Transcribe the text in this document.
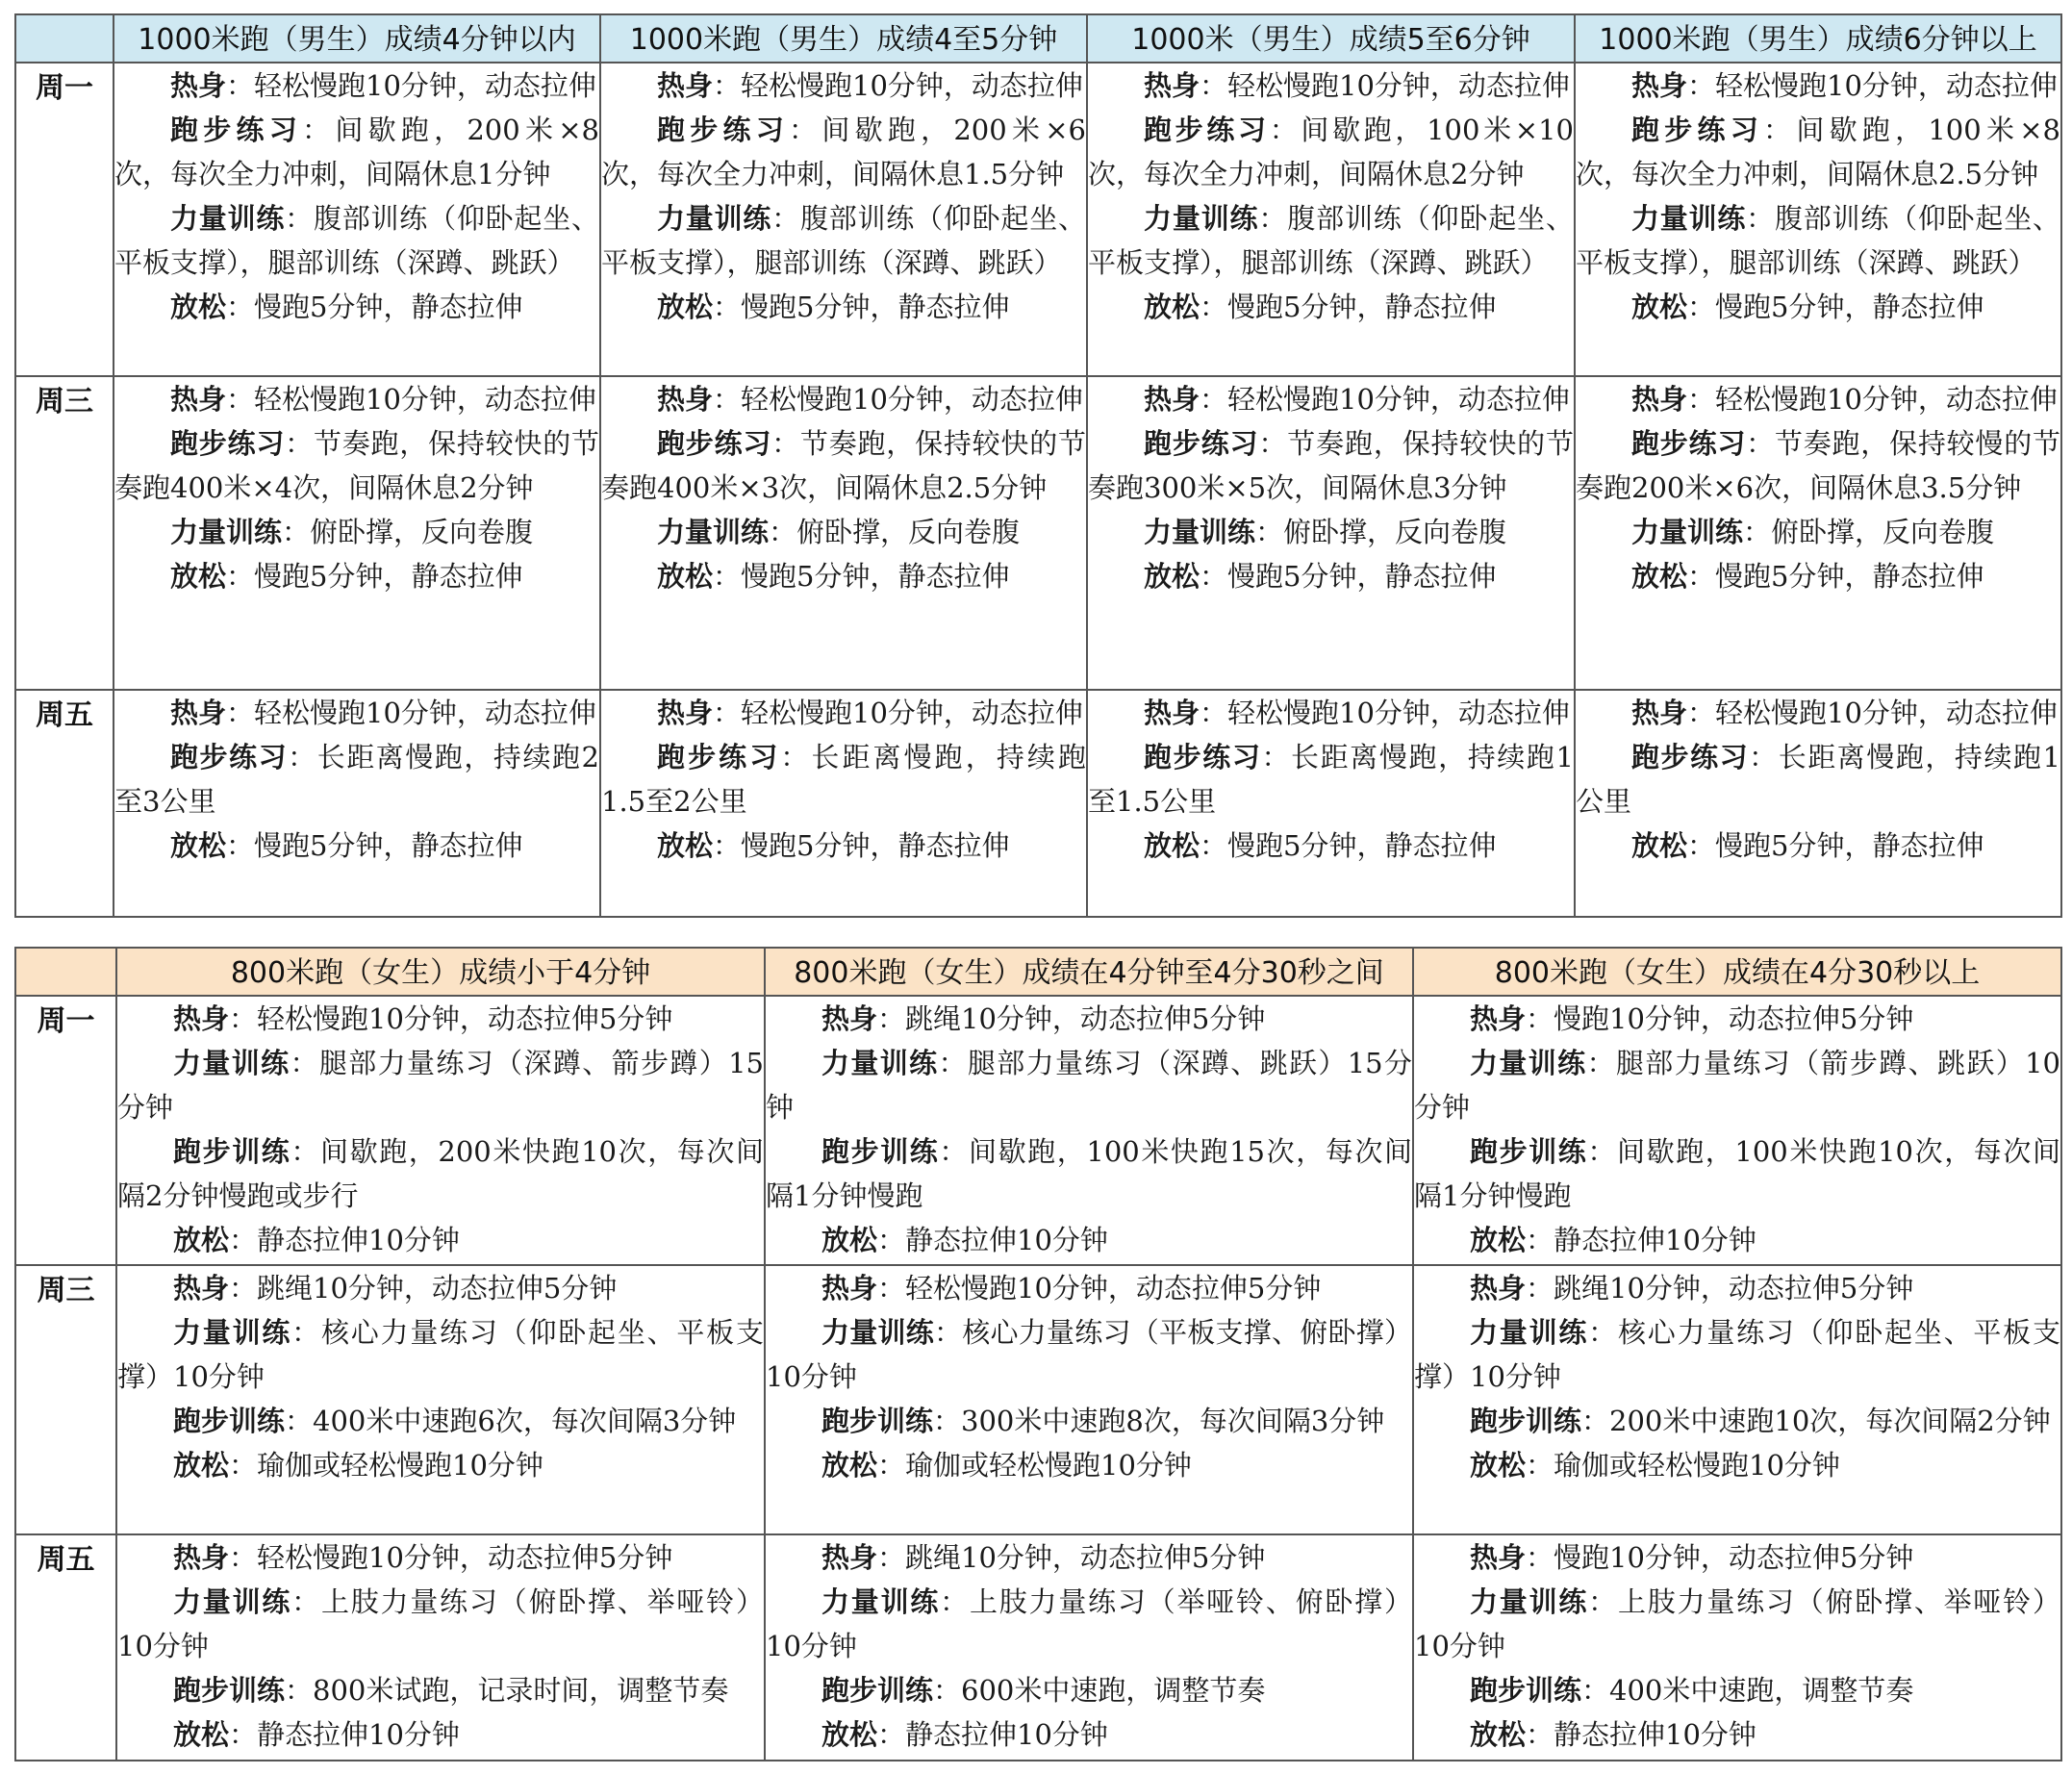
	1000米跑（男生）成绩4分钟以内	1000米跑（男生）成绩4至5分钟	1000米（男生）成绩5至6分钟	1000米跑（男生）成绩6分钟以上
周一	热身：轻松慢跑10分钟，动态拉伸
跑步练习：间歇跑，200米×8次，每次全力冲刺，间隔休息1分钟
力量训练：腹部训练（仰卧起坐、平板支撑），腿部训练（深蹲、跳跃）
放松：慢跑5分钟，静态拉伸	热身：轻松慢跑10分钟，动态拉伸
跑步练习：间歇跑，200米×6次，每次全力冲刺，间隔休息1.5分钟
力量训练：腹部训练（仰卧起坐、平板支撑），腿部训练（深蹲、跳跃）
放松：慢跑5分钟，静态拉伸	热身：轻松慢跑10分钟，动态拉伸
跑步练习：间歇跑，100米×10次，每次全力冲刺，间隔休息2分钟
力量训练：腹部训练（仰卧起坐、平板支撑），腿部训练（深蹲、跳跃）
放松：慢跑5分钟，静态拉伸	热身：轻松慢跑10分钟，动态拉伸
跑步练习：间歇跑，100米×8次，每次全力冲刺，间隔休息2.5分钟
力量训练：腹部训练（仰卧起坐、平板支撑），腿部训练（深蹲、跳跃）
放松：慢跑5分钟，静态拉伸

周三	热身：轻松慢跑10分钟，动态拉伸
跑步练习：节奏跑，保持较快的节奏跑400米×4次，间隔休息2分钟
力量训练：俯卧撑，反向卷腹
放松：慢跑5分钟，静态拉伸	热身：轻松慢跑10分钟，动态拉伸
跑步练习：节奏跑，保持较快的节奏跑400米×3次，间隔休息2.5分钟
力量训练：俯卧撑，反向卷腹
放松：慢跑5分钟，静态拉伸	热身：轻松慢跑10分钟，动态拉伸
跑步练习：节奏跑，保持较快的节奏跑300米×5次，间隔休息3分钟
力量训练：俯卧撑，反向卷腹
放松：慢跑5分钟，静态拉伸	热身：轻松慢跑10分钟，动态拉伸
跑步练习：节奏跑，保持较慢的节奏跑200米×6次，间隔休息3.5分钟
力量训练：俯卧撑，反向卷腹
放松：慢跑5分钟，静态拉伸

周五	热身：轻松慢跑10分钟，动态拉伸
跑步练习：长距离慢跑，持续跑2至3公里
放松：慢跑5分钟，静态拉伸	热身：轻松慢跑10分钟，动态拉伸
跑步练习：长距离慢跑，持续跑1.5至2公里
放松：慢跑5分钟，静态拉伸	热身：轻松慢跑10分钟，动态拉伸
跑步练习：长距离慢跑，持续跑1至1.5公里
放松：慢跑5分钟，静态拉伸	热身：轻松慢跑10分钟，动态拉伸
跑步练习：长距离慢跑，持续跑1公里
放松：慢跑5分钟，静态拉伸
	800米跑（女生）成绩小于4分钟	800米跑（女生）成绩在4分钟至4分30秒之间	800米跑（女生）成绩在4分30秒以上
周一	热身：轻松慢跑10分钟，动态拉伸5分钟
力量训练：腿部力量练习（深蹲、箭步蹲）15分钟
跑步训练：间歇跑，200米快跑10次，每次间隔2分钟慢跑或步行
放松：静态拉伸10分钟	热身：跳绳10分钟，动态拉伸5分钟
力量训练：腿部力量练习（深蹲、跳跃）15分钟
跑步训练：间歇跑，100米快跑15次，每次间隔1分钟慢跑
放松：静态拉伸10分钟	热身：慢跑10分钟，动态拉伸5分钟
力量训练：腿部力量练习（箭步蹲、跳跃）10分钟
跑步训练：间歇跑，100米快跑10次，每次间隔1分钟慢跑
放松：静态拉伸10分钟

周三	热身：跳绳10分钟，动态拉伸5分钟
力量训练：核心力量练习（仰卧起坐、平板支撑）10分钟
跑步训练：400米中速跑6次，每次间隔3分钟
放松：瑜伽或轻松慢跑10分钟	热身：轻松慢跑10分钟，动态拉伸5分钟
力量训练：核心力量练习（平板支撑、俯卧撑）10分钟
跑步训练：300米中速跑8次，每次间隔3分钟
放松：瑜伽或轻松慢跑10分钟	热身：跳绳10分钟，动态拉伸5分钟
力量训练：核心力量练习（仰卧起坐、平板支撑）10分钟
跑步训练：200米中速跑10次，每次间隔2分钟
放松：瑜伽或轻松慢跑10分钟

周五	热身：轻松慢跑10分钟，动态拉伸5分钟
力量训练：上肢力量练习（俯卧撑、举哑铃）10分钟
跑步训练：800米试跑，记录时间，调整节奏
放松：静态拉伸10分钟	热身：跳绳10分钟，动态拉伸5分钟
力量训练：上肢力量练习（举哑铃、俯卧撑）10分钟
跑步训练：600米中速跑，调整节奏
放松：静态拉伸10分钟	热身：慢跑10分钟，动态拉伸5分钟
力量训练：上肢力量练习（俯卧撑、举哑铃）10分钟
跑步训练：400米中速跑，调整节奏
放松：静态拉伸10分钟
